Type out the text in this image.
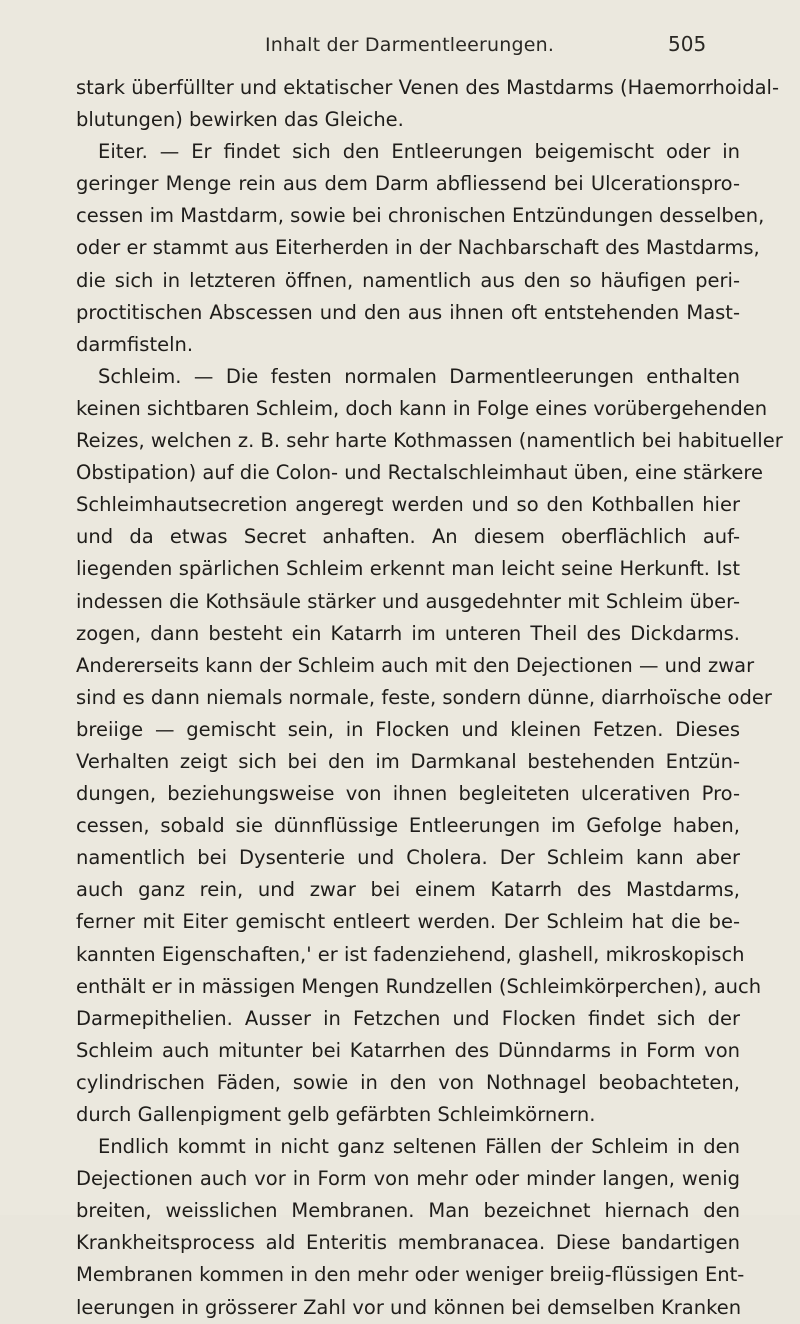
Inhalt der Darmentleerungen.	505
stark überfüllter und ektatischer Venen des Mastdarms (Haemorrhoidal-
blutungen) bewirken das Gleiche.
Eiter. — Er findet sich den Entleerungen beigemischt oder in
geringer Menge rein aus dem Darm abfliessend bei Ulcerationspro-
cessen im Mastdarm, sowie bei chronischen Entzündungen desselben,
oder er stammt aus Eiterherden in der Nachbarschaft des Mastdarms,
die sich in letzteren öffnen, namentlich aus den so häufigen peri-
proctitischen Abscessen und den aus ihnen oft entstehenden Mast-
darmfisteln.
Schleim. — Die festen normalen Darmentleerungen enthalten
keinen sichtbaren Schleim, doch kann in Folge eines vorübergehenden
Reizes, welchen z. B. sehr harte Kothmassen (namentlich bei habitueller
Obstipation) auf die Colon- und Rectalschleimhaut üben, eine stärkere
Schleimhautsecretion angeregt werden und so den Kothballen hier
und da etwas Secret anhaften. An diesem oberflächlich auf-
liegenden spärlichen Schleim erkennt man leicht seine Herkunft. Ist
indessen die Kothsäule stärker und ausgedehnter mit Schleim über-
zogen, dann besteht ein Katarrh im unteren Theil des Dickdarms.
Andererseits kann der Schleim auch mit den Dejectionen — und zwar
sind es dann niemals normale, feste, sondern dünne, diarrhoïsche oder
breiige — gemischt sein, in Flocken und kleinen Fetzen. Dieses
Verhalten zeigt sich bei den im Darmkanal bestehenden Entzün-
dungen, beziehungsweise von ihnen begleiteten ulcerativen Pro-
cessen, sobald sie dünnflüssige Entleerungen im Gefolge haben,
namentlich bei Dysenterie und Cholera. Der Schleim kann aber
auch ganz rein, und zwar bei einem Katarrh des Mastdarms,
ferner mit Eiter gemischt entleert werden. Der Schleim hat die be-
kannten Eigenschaften,' er ist fadenziehend, glashell, mikroskopisch
enthält er in mässigen Mengen Rundzellen (Schleimkörperchen), auch
Darmepithelien. Ausser in Fetzchen und Flocken findet sich der
Schleim auch mitunter bei Katarrhen des Dünndarms in Form von
cylindrischen Fäden, sowie in den von Nothnagel beobachteten,
durch Gallenpigment gelb gefärbten Schleimkörnern.
Endlich kommt in nicht ganz seltenen Fällen der Schleim in den
Dejectionen auch vor in Form von mehr oder minder langen, wenig
breiten, weisslichen Membranen. Man bezeichnet hiernach den
Krankheitsprocess ald Enteritis membranacea. Diese bandartigen
Membranen kommen in den mehr oder weniger breiig-flüssigen Ent-
leerungen in grösserer Zahl vor und können bei demselben Kranken
